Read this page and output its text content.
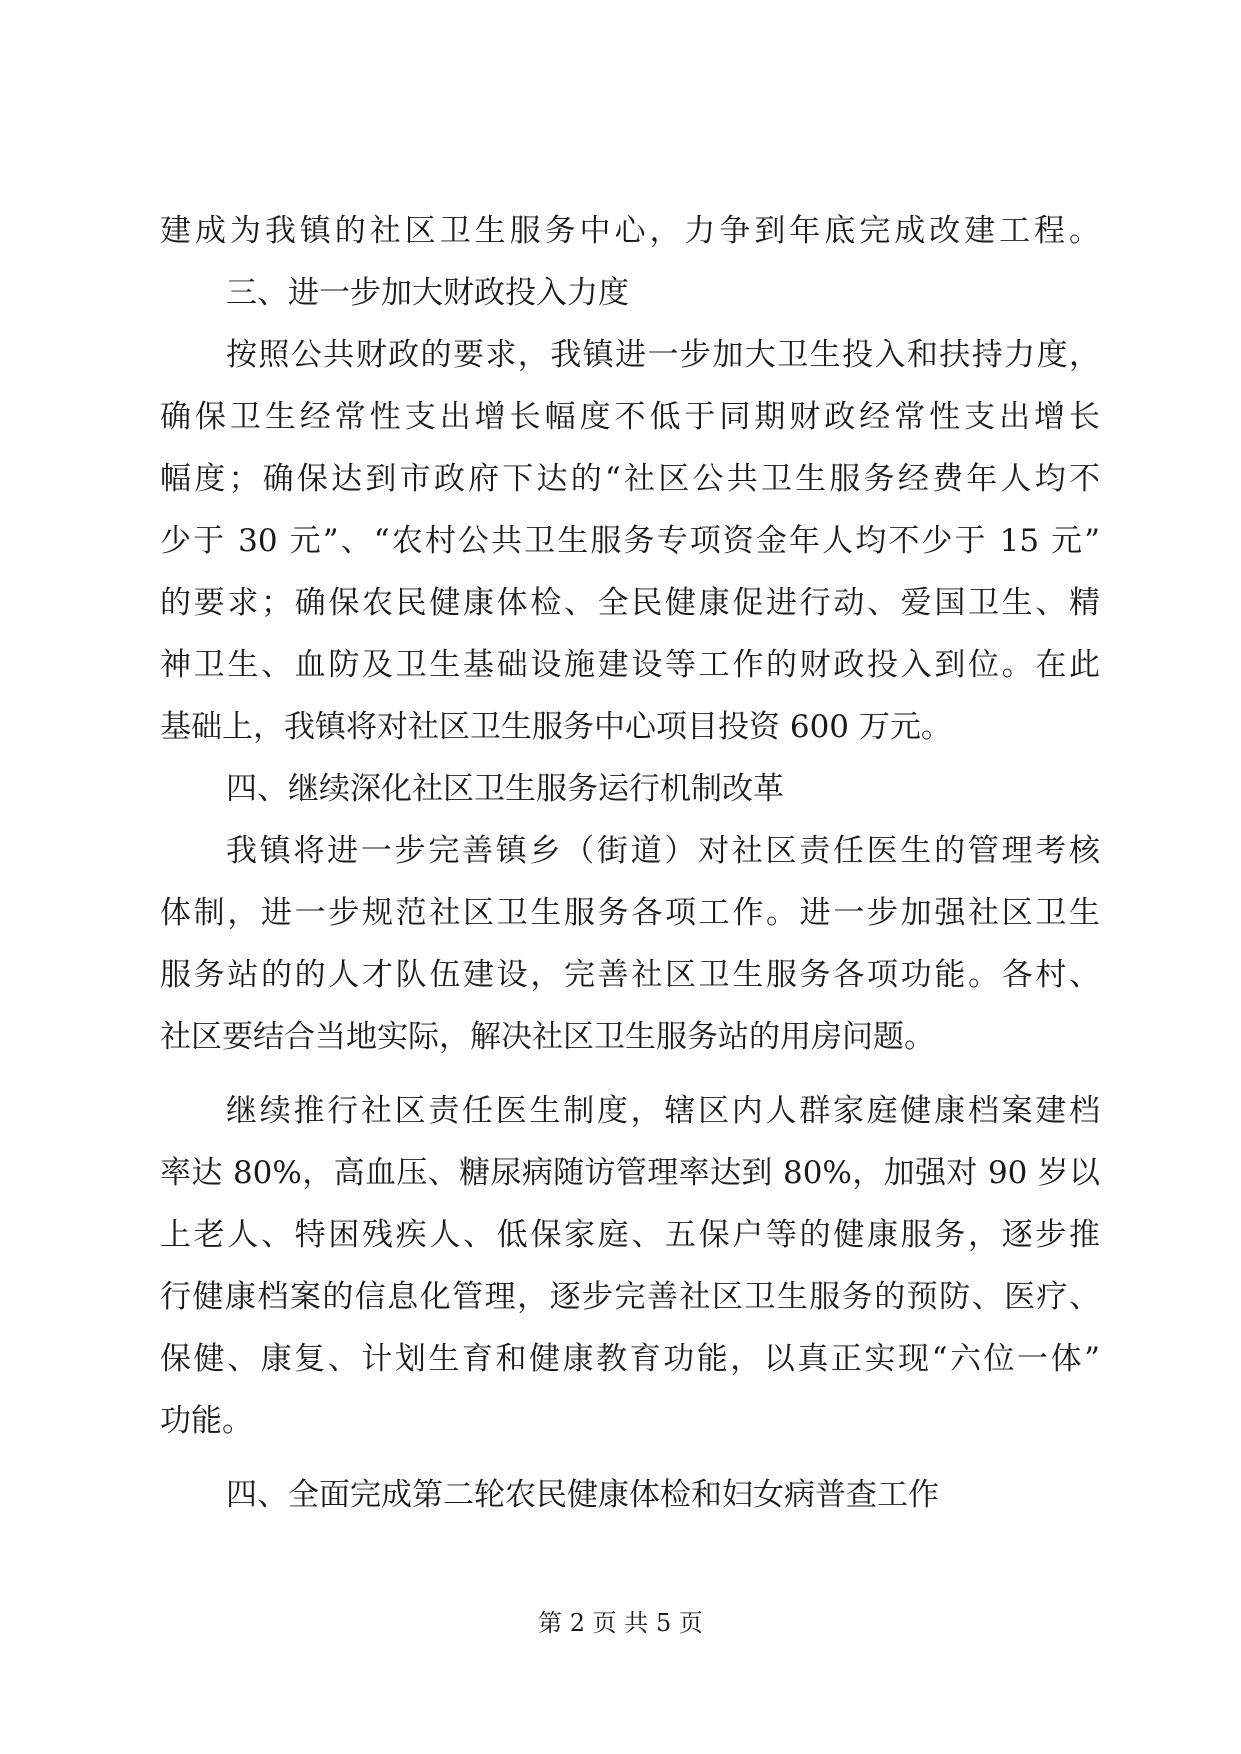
建成为我镇的社区卫生服务中心，力争到年底完成改建工程。
三、进一步加大财政投入力度
按照公共财政的要求，我镇进一步加大卫生投入和扶持力度，
确保卫生经常性支出增长幅度不低于同期财政经常性支出增长
幅度；确保达到市政府下达的“社区公共卫生服务经费年人均不
少于 30 元”、“农村公共卫生服务专项资金年人均不少于 15 元”
的要求；确保农民健康体检、全民健康促进行动、爱国卫生、精
神卫生、血防及卫生基础设施建设等工作的财政投入到位。在此
基础上，我镇将对社区卫生服务中心项目投资 600 万元。
四、继续深化社区卫生服务运行机制改革
我镇将进一步完善镇乡（街道）对社区责任医生的管理考核
体制，进一步规范社区卫生服务各项工作。进一步加强社区卫生
服务站的的人才队伍建设，完善社区卫生服务各项功能。各村、
社区要结合当地实际，解决社区卫生服务站的用房问题。
继续推行社区责任医生制度，辖区内人群家庭健康档案建档
率达 80%，高血压、糖尿病随访管理率达到 80%，加强对 90 岁以
上老人、特困残疾人、低保家庭、五保户等的健康服务，逐步推
行健康档案的信息化管理，逐步完善社区卫生服务的预防、医疗、
保健、康复、计划生育和健康教育功能，以真正实现“六位一体”
功能。
四、全面完成第二轮农民健康体检和妇女病普查工作
第 2 页 共 5 页
